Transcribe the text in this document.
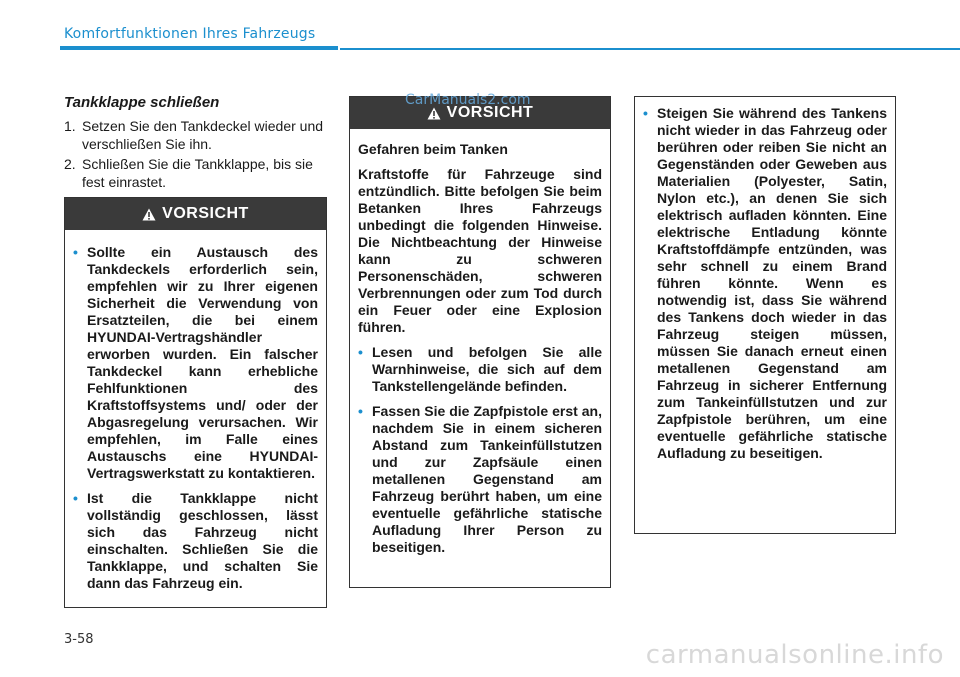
Komfortfunktionen Ihres Fahrzeugs
Tankklappe schließen
1. Setzen Sie den Tankdeckel wieder und verschließen Sie ihn.
2. Schließen Sie die Tankklappe, bis sie fest einrastet.
VORSICHT
• Sollte ein Austausch des Tankdeckels erforderlich sein, empfehlen wir zu Ihrer eigenen Sicherheit die Verwendung von Ersatzteilen, die bei einem HYUNDAI-Vertragshändler erworben wurden. Ein falscher Tankdeckel kann erhebliche Fehlfunktionen des Kraftstoffsystems und/ oder der Abgasregelung verursachen. Wir empfehlen, im Falle eines Austauschs eine HYUNDAI-Vertragswerkstatt zu kontaktieren.
• Ist die Tankklappe nicht vollständig geschlossen, lässt sich das Fahrzeug nicht einschalten. Schließen Sie die Tankklappe, und schalten Sie dann das Fahrzeug ein.
VORSICHT

Gefahren beim Tanken

Kraftstoffe für Fahrzeuge sind entzündlich. Bitte befolgen Sie beim Betanken Ihres Fahrzeugs unbedingt die folgenden Hinweise. Die Nichtbeachtung der Hinweise kann zu schweren Personenschäden, schweren Verbrennungen oder zum Tod durch ein Feuer oder eine Explosion führen.

• Lesen und befolgen Sie alle Warnhinweise, die sich auf dem Tankstellengelände befinden.
• Fassen Sie die Zapfpistole erst an, nachdem Sie in einem sicheren Abstand zum Tankeinfüllstutzen und zur Zapfsäule einen metallenen Gegenstand am Fahrzeug berührt haben, um eine eventuelle gefährliche statische Aufladung Ihrer Person zu beseitigen.
• Steigen Sie während des Tankens nicht wieder in das Fahrzeug oder berühren oder reiben Sie nicht an Gegenständen oder Geweben aus Materialien (Polyester, Satin, Nylon etc.), an denen Sie sich elektrisch aufladen könnten. Eine elektrische Entladung könnte Kraftstoffdämpfe entzünden, was sehr schnell zu einem Brand führen könnte. Wenn es notwendig ist, dass Sie während des Tankens doch wieder in das Fahrzeug steigen müssen, müssen Sie danach erneut einen metallenen Gegenstand am Fahrzeug in sicherer Entfernung zum Tankeinfüllstutzen und zur Zapfpistole berühren, um eine eventuelle gefährliche statische Aufladung zu beseitigen.
CarManuals2.com
3-58
carmanualsonline.info
